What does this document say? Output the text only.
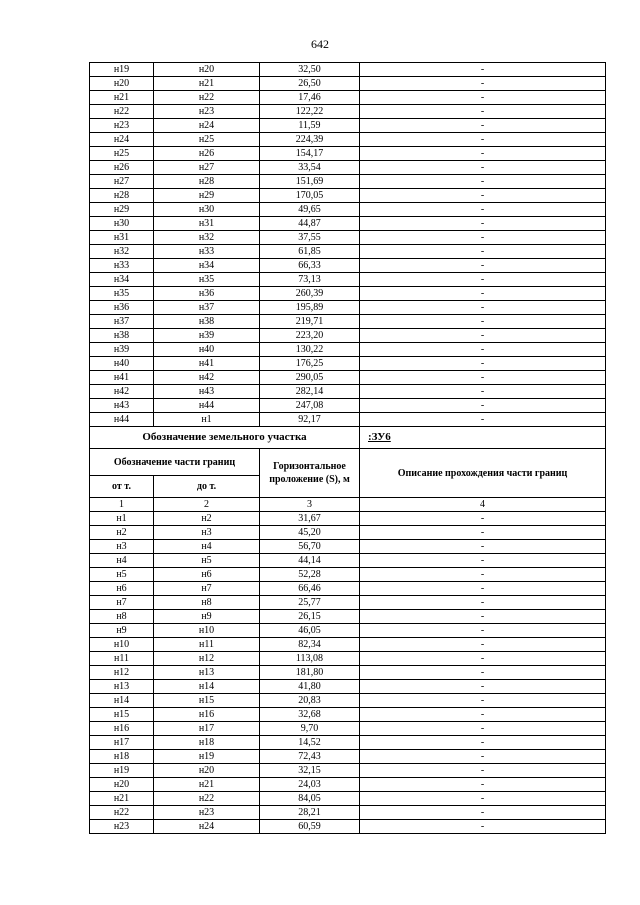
642
н19	н20	32,50	-
н20	н21	26,50	-
н21	н22	17,46	-
н22	н23	122,22	-
н23	н24	11,59	-
н24	н25	224,39	-
н25	н26	154,17	-
н26	н27	33,54	-
н27	н28	151,69	-
н28	н29	170,05	-
н29	н30	49,65	-
н30	н31	44,87	-
н31	н32	37,55	-
н32	н33	61,85	-
н33	н34	66,33	-
н34	н35	73,13	-
н35	н36	260,39	-
н36	н37	195,89	-
н37	н38	219,71	-
н38	н39	223,20	-
н39	н40	130,22	-
н40	н41	176,25	-
н41	н42	290,05	-
н42	н43	282,14	-
н43	н44	247,08	-
н44	н1	92,17	-
Обозначение земельного участка			:ЗУ6
Обозначение части границ		Горизонтальное проложение (S), м	Описание прохождения части границ
от т.	до т.		
1	2	3	4
н1	н2	31,67	-
н2	н3	45,20	-
н3	н4	56,70	-
н4	н5	44,14	-
н5	н6	52,28	-
н6	н7	66,46	-
н7	н8	25,77	-
н8	н9	26,15	-
н9	н10	46,05	-
н10	н11	82,34	-
н11	н12	113,08	-
н12	н13	181,80	-
н13	н14	41,80	-
н14	н15	20,83	-
н15	н16	32,68	-
н16	н17	9,70	-
н17	н18	14,52	-
н18	н19	72,43	-
н19	н20	32,15	-
н20	н21	24,03	-
н21	н22	84,05	-
н22	н23	28,21	-
н23	н24	60,59	-
